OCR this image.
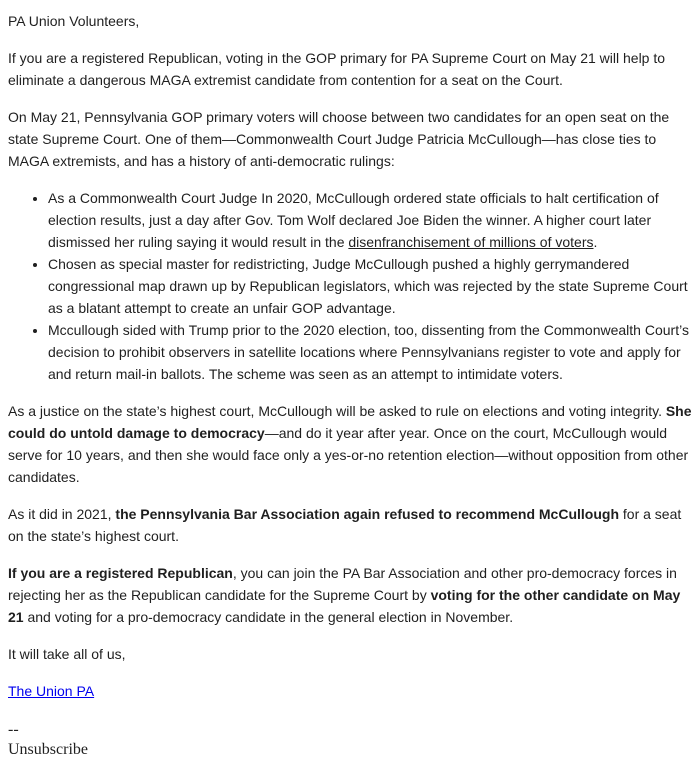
PA Union Volunteers,

If you are a registered Republican, voting in the GOP primary for PA Supreme Court on May 21 will help to eliminate a dangerous MAGA extremist candidate from contention for a seat on the Court.

On May 21, Pennsylvania GOP primary voters will choose between two candidates for an open seat on the state Supreme Court. One of them—Commonwealth Court Judge Patricia McCullough—has close ties to MAGA extremists, and has a history of anti-democratic rulings:

• As a Commonwealth Court Judge In 2020, McCullough ordered state officials to halt certification of election results, just a day after Gov. Tom Wolf declared Joe Biden the winner. A higher court later dismissed her ruling saying it would result in the disenfranchisement of millions of voters.
• Chosen as special master for redistricting, Judge McCullough pushed a highly gerrymandered congressional map drawn up by Republican legislators, which was rejected by the state Supreme Court as a blatant attempt to create an unfair GOP advantage.
• Mccullough sided with Trump prior to the 2020 election, too, dissenting from the Commonwealth Court’s decision to prohibit observers in satellite locations where Pennsylvanians register to vote and apply for and return mail-in ballots. The scheme was seen as an attempt to intimidate voters.

As a justice on the state’s highest court, McCullough will be asked to rule on elections and voting integrity. She could do untold damage to democracy—and do it year after year. Once on the court, McCullough would serve for 10 years, and then she would face only a yes-or-no retention election—without opposition from other candidates.

As it did in 2021, the Pennsylvania Bar Association again refused to recommend McCullough for a seat on the state’s highest court.

If you are a registered Republican, you can join the PA Bar Association and other pro-democracy forces in rejecting her as the Republican candidate for the Supreme Court by voting for the other candidate on May 21 and voting for a pro-democracy candidate in the general election in November.

It will take all of us,

The Union PA

--
Unsubscribe
